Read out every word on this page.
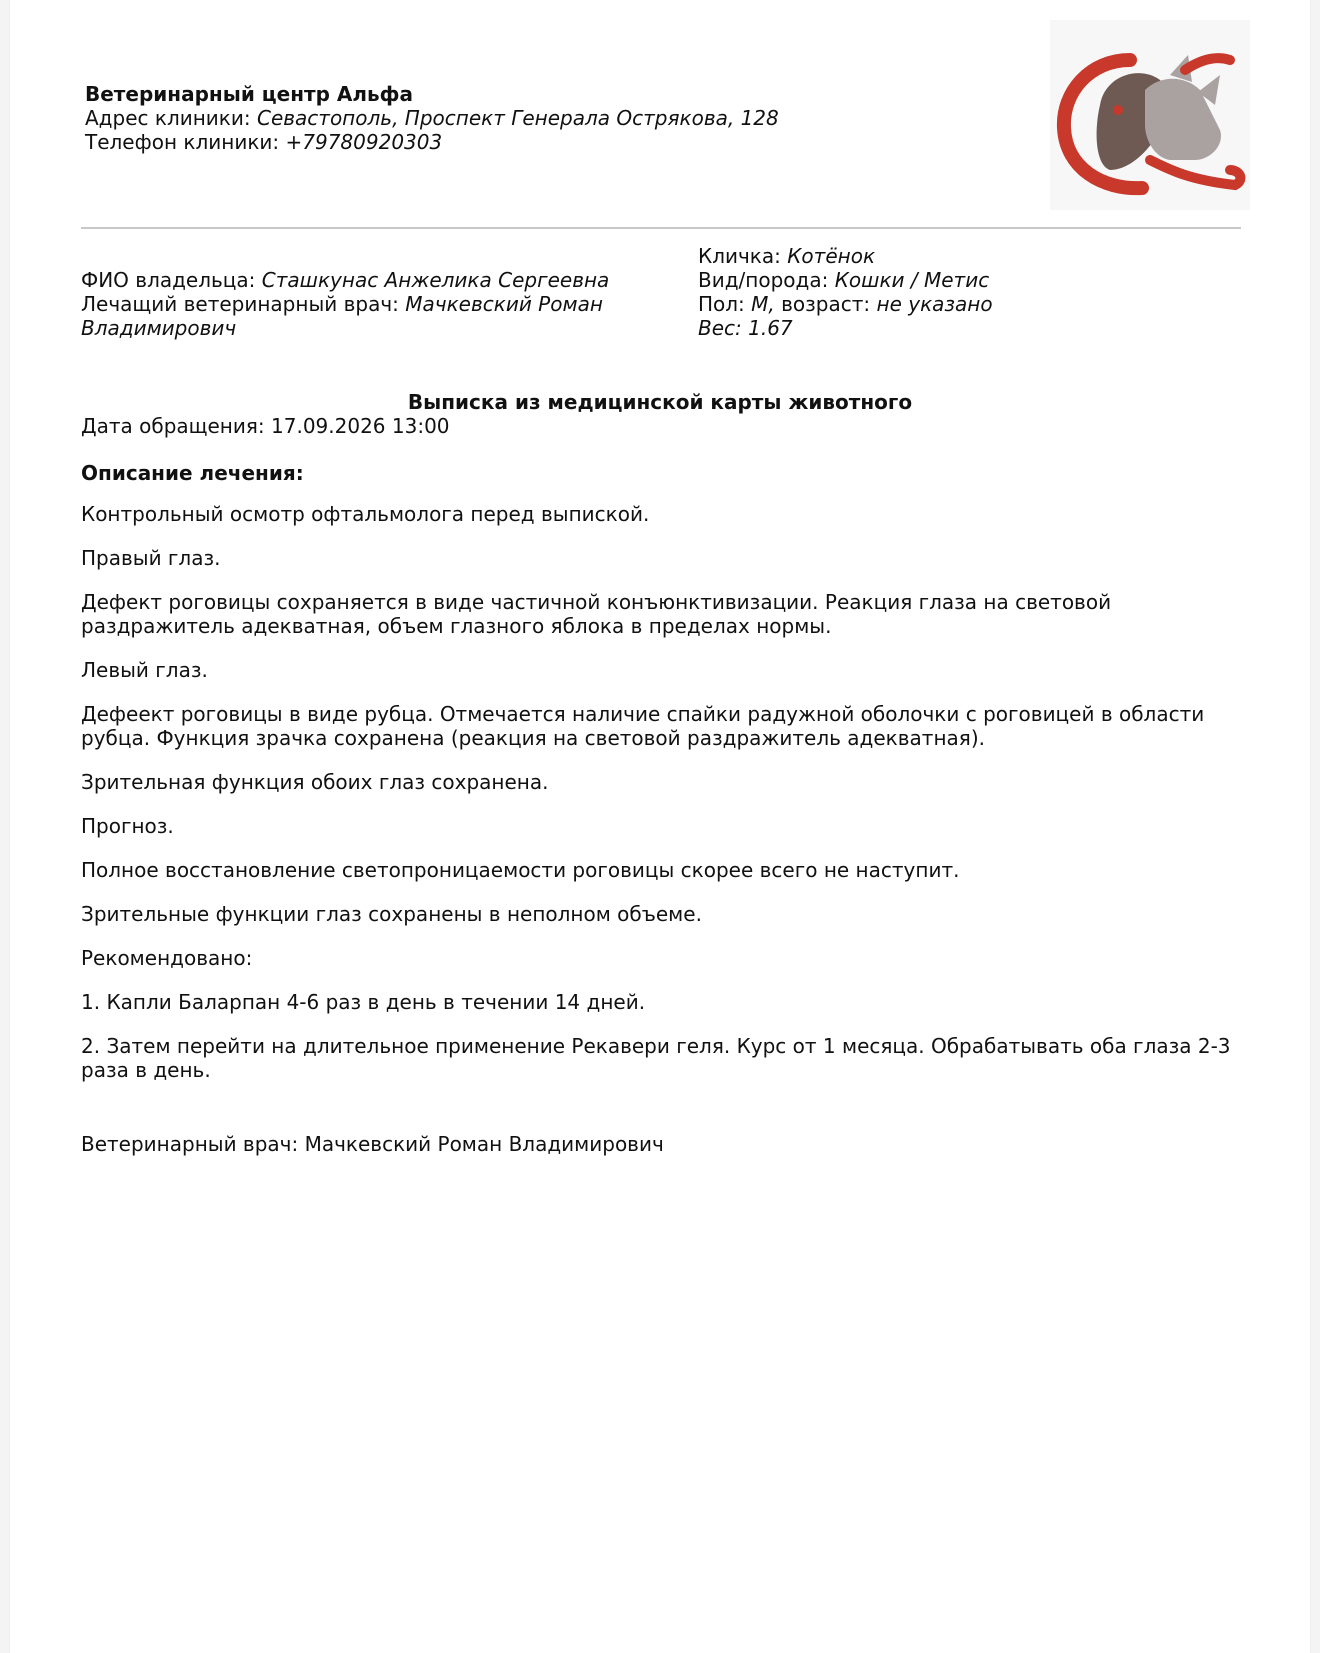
Ветеринарный центр Альфа
Адрес клиники: Севастополь, Проспект Генерала Острякова, 128
Телефон клиники: +79780920303
ФИО владельца: Сташкунас Анжелика Сергеевна
Лечащий ветеринарный врач: Мачкевский Роман
Владимирович
Кличка: Котёнок
Вид/порода: Кошки / Метис
Пол: М, возраст: не указано
Вес: 1.67
Выписка из медицинской карты животного
Дата обращения: 17.09.2026 13:00
Описание лечения:

Контрольный осмотр офтальмолога перед выпиской.

Правый глаз.

Дефект роговицы сохраняется в виде частичной конъюнктивизации. Реакция глаза на световой раздражитель адекватная, объем глазного яблока в пределах нормы.

Левый глаз.

Дефеект роговицы в виде рубца. Отмечается наличие спайки радужной оболочки с роговицей в области рубца. Функция зрачка сохранена (реакция на световой раздражитель адекватная).

Зрительная функция обоих глаз сохранена.

Прогноз.

Полное восстановление светопроницаемости роговицы скорее всего не наступит.

Зрительные функции глаз сохранены в неполном объеме.

Рекомендовано:

1. Капли Баларпан 4-6 раз в день в течении 14 дней.

2. Затем перейти на длительное применение Рекавери геля. Курс от 1 месяца. Обрабатывать оба глаза 2-3 раза в день.

Ветеринарный врач: Мачкевский Роман Владимирович
